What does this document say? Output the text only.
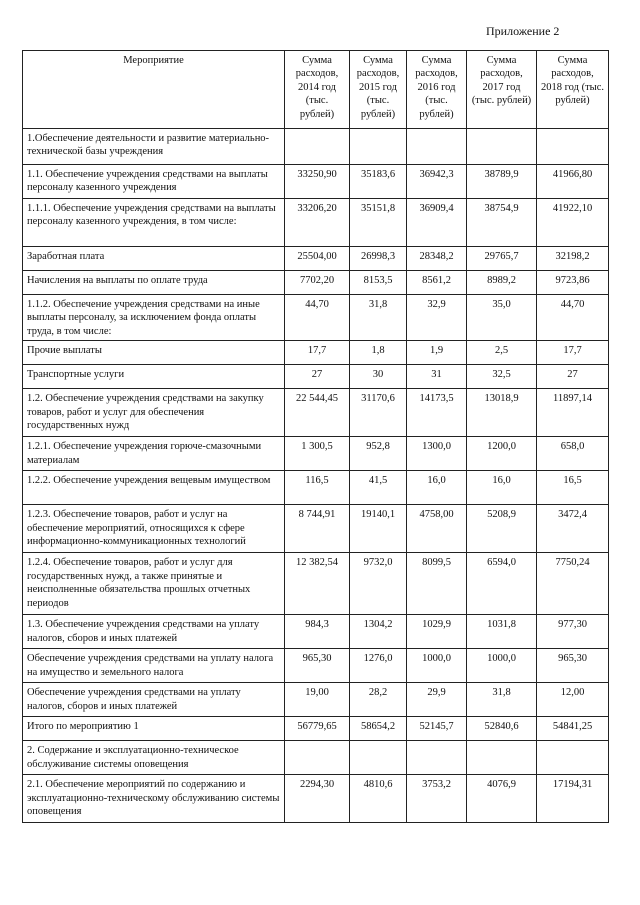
Приложение 2
Мероприятие	Сумма расходов, 2014 год (тыс. рублей)	Сумма расходов, 2015 год (тыс. рублей)	Сумма расходов, 2016 год (тыс. рублей)	Сумма расходов, 2017 год (тыс. рублей)	Сумма расходов, 2018 год (тыс. рублей)
1.Обеспечение деятельности и развитие материально-технической базы учреждения					
1.1. Обеспечение учреждения средствами на выплаты персоналу казенного учреждения	33250,90	35183,6	36942,3	38789,9	41966,80
1.1.1. Обеспечение учреждения средствами на выплаты персоналу казенного учреждения, в том числе:	33206,20	35151,8	36909,4	38754,9	41922,10
Заработная плата	25504,00	26998,3	28348,2	29765,7	32198,2
Начисления на выплаты по оплате труда	7702,20	8153,5	8561,2	8989,2	9723,86
1.1.2. Обеспечение учреждения средствами на иные выплаты персоналу, за исключением фонда оплаты труда, в том числе:	44,70	31,8	32,9	35,0	44,70
Прочие выплаты	17,7	1,8	1,9	2,5	17,7
Транспортные услуги	27	30	31	32,5	27
1.2. Обеспечение учреждения средствами на закупку товаров, работ и услуг для обеспечения государственных нужд	22 544,45	31170,6	14173,5	13018,9	11897,14
1.2.1. Обеспечение учреждения горюче-смазочными материалам	1 300,5	952,8	1300,0	1200,0	658,0
1.2.2. Обеспечение учреждения вещевым имуществом	116,5	41,5	16,0	16,0	16,5
1.2.3. Обеспечение товаров, работ и услуг на обеспечение мероприятий, относящихся к сфере информационно-коммуникационных технологий	8 744,91	19140,1	4758,00	5208,9	3472,4
1.2.4. Обеспечение товаров, работ и услуг для государственных нужд, а также принятые и неисполненные обязательства прошлых отчетных периодов	12 382,54	9732,0	8099,5	6594,0	7750,24
1.3. Обеспечение учреждения средствами на уплату налогов, сборов и иных платежей	984,3	1304,2	1029,9	1031,8	977,30
Обеспечение учреждения средствами на уплату налога на имущество и земельного налога	965,30	1276,0	1000,0	1000,0	965,30
Обеспечение учреждения средствами на уплату налогов, сборов и иных платежей	19,00	28,2	29,9	31,8	12,00
Итого по мероприятию 1	56779,65	58654,2	52145,7	52840,6	54841,25
2. Содержание и эксплуатационно-техническое обслуживание системы оповещения					
2.1. Обеспечение мероприятий по содержанию и эксплуатационно-техническому обслуживанию системы оповещения	2294,30	4810,6	3753,2	4076,9	17194,31
